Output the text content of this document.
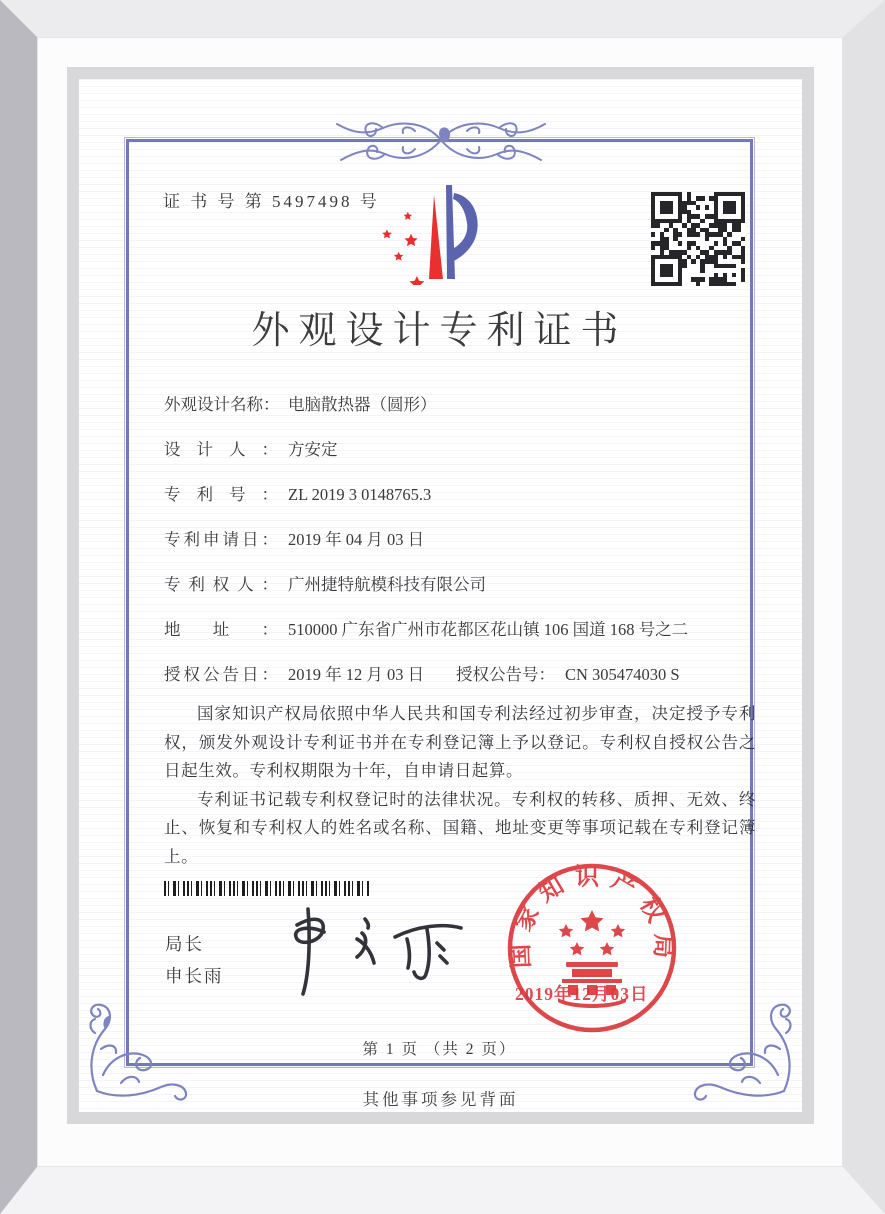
证 书 号 第 5497498 号
外观设计专利证书
外观设计名称： 电脑散热器（圆形）
设计人： 方安定
专利号： ZL 2019 3 0148765.3
专利申请日： 2019 年 04 月 03 日
专利权人： 广州捷特航模科技有限公司
地址： 510000 广东省广州市花都区花山镇 106 国道 168 号之二
授权公告日： 2019 年 12 月 03 日 授权公告号： CN 305474030 S

国家知识产权局依照中华人民共和国专利法经过初步审查，决定授予专利权，颁发外观设计专利证书并在专利登记簿上予以登记。专利权自授权公告之日起生效。专利权期限为十年，自申请日起算。

专利证书记载专利权登记时的法律状况。专利权的转移、质押、无效、终止、恢复和专利权人的姓名或名称、国籍、地址变更等事项记载在专利登记簿上。

局长
申长雨
国家知识产权局
2019年12月03日
第 1 页 （共 2 页）
其他事项参见背面
